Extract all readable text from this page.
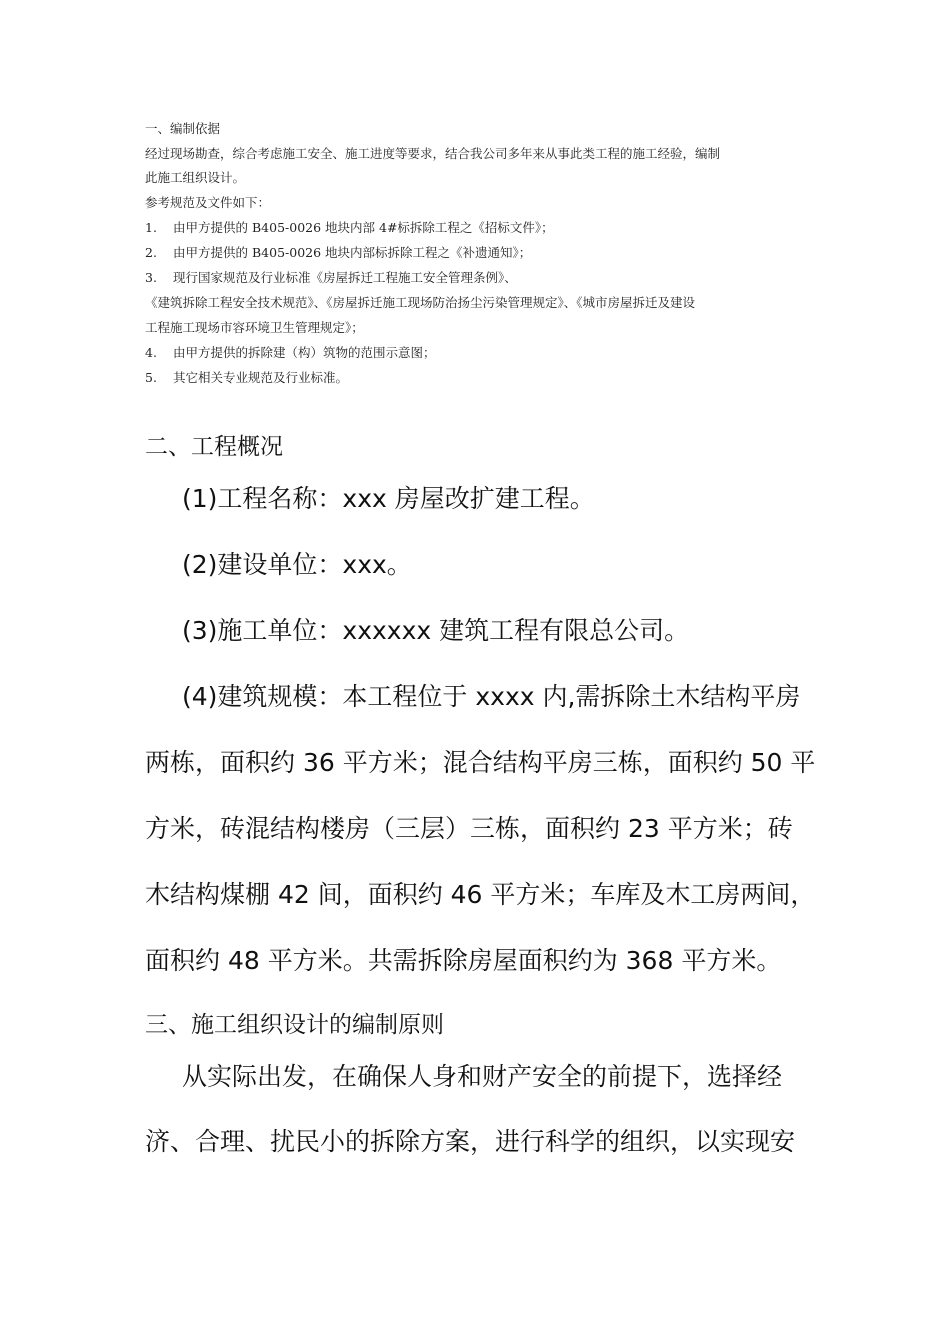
一、编制依据
经过现场勘查，综合考虑施工安全、施工进度等要求，结合我公司多年来从事此类工程的施工经验，编制
此施工组织设计。
参考规范及文件如下：
1. 由甲方提供的 B405-0026 地块内部 4#标拆除工程之《招标文件》；
2. 由甲方提供的 B405-0026 地块内部标拆除工程之《补遗通知》；
3. 现行国家规范及行业标准《房屋拆迁工程施工安全管理条例》、
《建筑拆除工程安全技术规范》、《房屋拆迁施工现场防治扬尘污染管理规定》、《城市房屋拆迁及建设
工程施工现场市容环境卫生管理规定》；
4. 由甲方提供的拆除建（构）筑物的范围示意图；
5. 其它相关专业规范及行业标准。
二、工程概况
(1)工程名称：xxx 房屋改扩建工程。
(2)建设单位：xxx。
(3)施工单位：xxxxxx 建筑工程有限总公司。
(4)建筑规模：本工程位于 xxxx 内,需拆除土木结构平房
两栋，面积约 36 平方米；混合结构平房三栋，面积约 50 平
方米，砖混结构楼房（三层）三栋，面积约 23 平方米；砖
木结构煤棚 42 间，面积约 46 平方米；车库及木工房两间，
面积约 48 平方米。共需拆除房屋面积约为 368 平方米。
三、施工组织设计的编制原则
从实际出发，在确保人身和财产安全的前提下，选择经
济、合理、扰民小的拆除方案，进行科学的组织，以实现安
